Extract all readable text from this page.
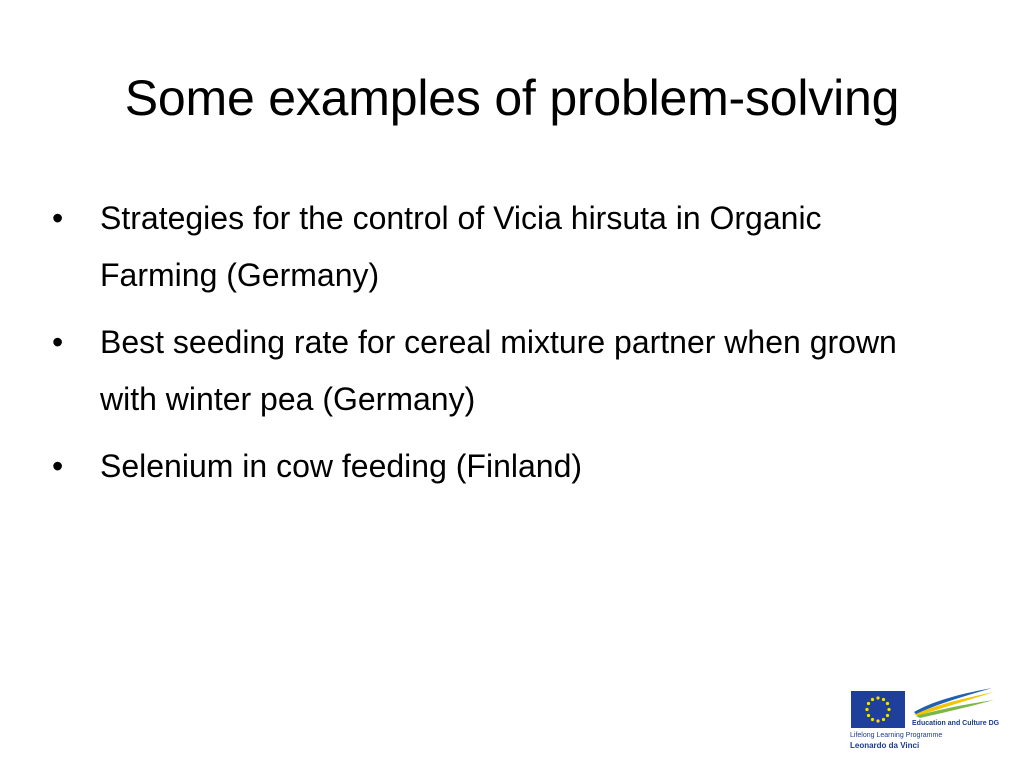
Some examples of problem-solving
•	Strategies for the control of Vicia hirsuta in Organic Farming (Germany)
•	Best seeding rate for cereal mixture partner when grown with winter pea (Germany)
•	Selenium in cow feeding (Finland)
Education and Culture DG
Lifelong Learning Programme
Leonardo da Vinci
